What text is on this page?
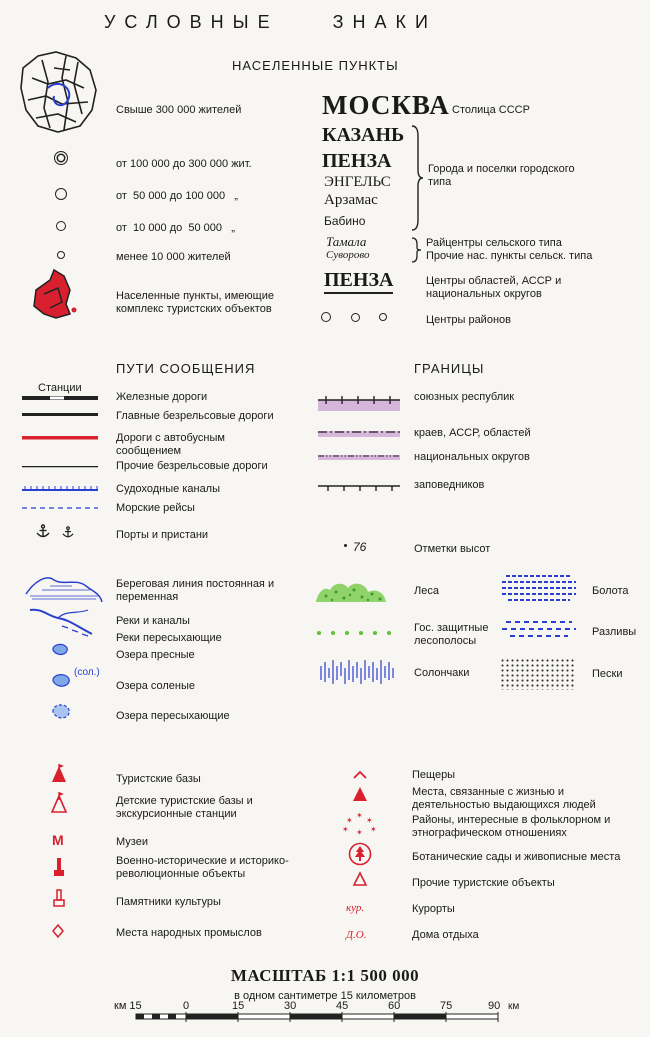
УСЛОВНЫЕ ЗНАКИ
НАСЕЛЕННЫЕ ПУНКТЫ
Свыше 300 000 жителей
от 100 000 до 300 000 жит.
от  50 000 до 100 000   „
от  10 000 до  50 000   „
менее 10 000 жителей
Населенные пункты, имеющие комплекс туристских объектов
МОСКВА Столица СССР
КАЗАНЬ
ПЕНЗА
ЭНГЕЛЬС
Арзамас
Бабино
Города и поселки городского типа
Тамала
Суворово
Райцентры сельского типа
Прочие нас. пункты сельск. типа
ПЕНЗА	Центры областей, АССР и национальных округов
Центры районов
ПУТИ СООБЩЕНИЯ
Станции
Железные дороги
Главные безрельсовые дороги
Дороги с автобусным сообщением
Прочие безрельсовые дороги
Судоходные каналы
Морские рейсы
Порты и пристани
ГРАНИЦЫ
союзных республик
краев, АССР, областей
национальных округов
заповедников
76	Отметки высот
Береговая линия постоянная и переменная
Реки и каналы
Реки пересыхающие
Озера пресные
(сол.)
Озера соленые
Озера пересыхающие
Леса	Болота
Гос. защитные лесополосы
Разливы
Солончаки	Пески
Туристские базы
Детские туристские базы и экскурсионные станции
М	Музеи
Военно-исторические и историко-революционные объекты
Памятники культуры
Места народных промыслов
Пещеры
Места, связанные с жизнью и деятельностью выдающихся людей
✶
✶ ✶
✶	✶
✶
Районы, интересные в фольклорном и этнографическом отношениях
Ботанические сады и живописные места
Прочие туристские объекты
кур.	Курорты
Д.О.	Дома отдыха
МАСШТАБ 1:1 500 000
в одном сантиметре 15 километров
км 15	км
0	15	30	45	60	75	90
